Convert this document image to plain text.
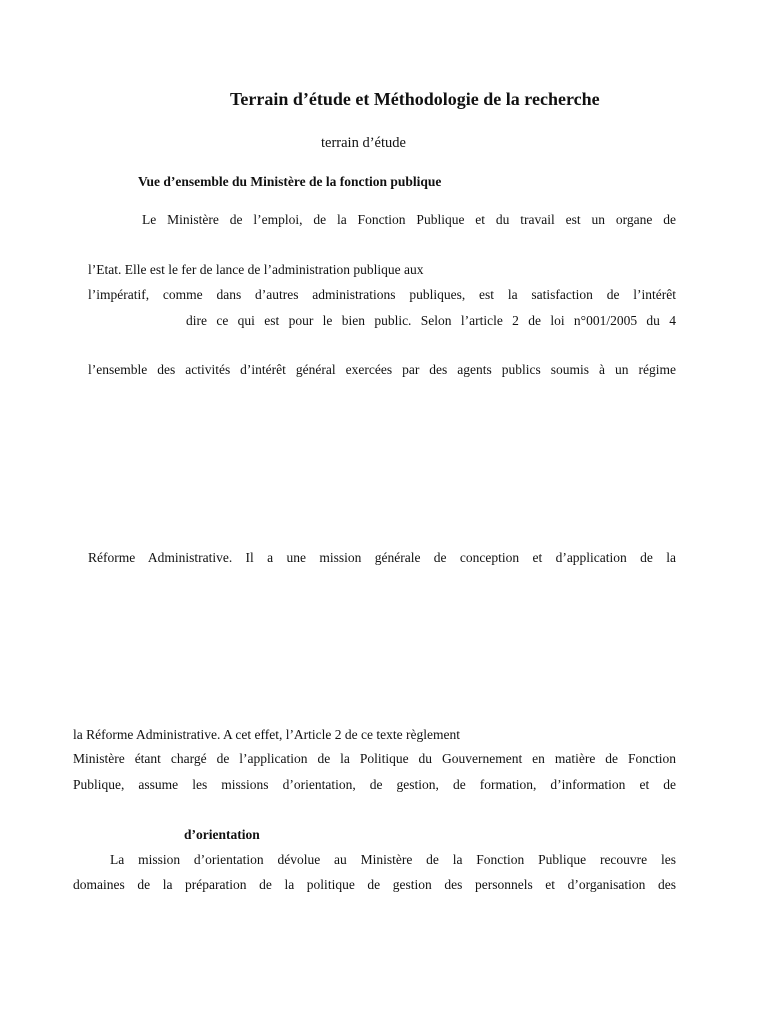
Terrain d’étude et Méthodologie de la recherche
terrain d’étude
Vue d’ensemble du Ministère de la fonction publique
Le Ministère de l’emploi, de la Fonction Publique et du travail est un organe de
l’Etat. Elle est le fer de lance de l’administration publique aux
l’impératif, comme dans d’autres administrations publiques, est la satisfaction de l’intérêt
dire ce qui est pour le bien public. Selon l’article 2 de loi n°001/2005 du 4
l’ensemble des activités d’intérêt général exercées par des agents publics soumis à un régime
Réforme Administrative. Il a une mission générale de conception et d’application de la
la Réforme Administrative. A cet effet, l’Article 2 de ce texte règlement
Ministère étant chargé de l’application de la Politique du Gouvernement en matière de Fonction
Publique, assume les missions d’orientation, de gestion, de formation, d’information et de
d’orientation
La mission d’orientation dévolue au Ministère de la Fonction Publique recouvre les
domaines de la préparation de la politique de gestion des personnels et d’organisation des
